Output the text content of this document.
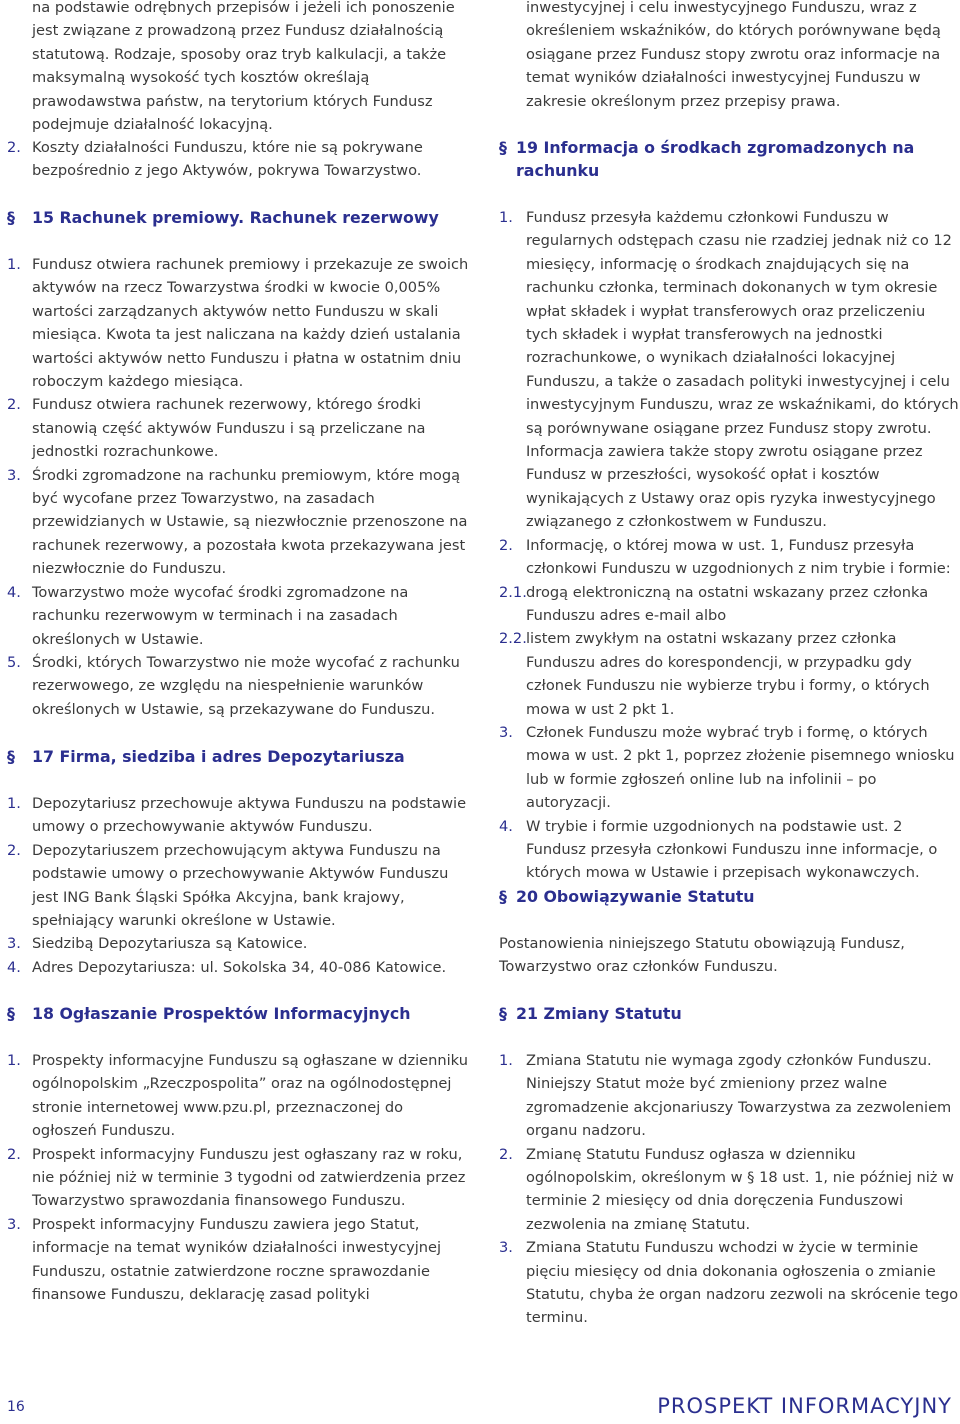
na podstawie odrębnych przepisów i jeżeli ich ponoszenie jest związane z prowadzoną przez Fundusz działalnością statutową. Rodzaje, sposoby oraz tryb kalkulacji, a także maksymalną wysokość tych kosztów określają prawodawstwa państw, na terytorium których Fundusz podejmuje działalność lokacyjną.

2. Koszty działalności Funduszu, które nie są pokrywane bezpośrednio z jego Aktywów, pokrywa Towarzystwo.

§ 15 Rachunek premiowy. Rachunek rezerwowy

1. Fundusz otwiera rachunek premiowy i przekazuje ze swoich aktywów na rzecz Towarzystwa środki w kwocie 0,005% wartości zarządzanych aktywów netto Funduszu w skali miesiąca. Kwota ta jest naliczana na każdy dzień ustalania wartości aktywów netto Funduszu i płatna w ostatnim dniu roboczym każdego miesiąca.

2. Fundusz otwiera rachunek rezerwowy, którego środki stanowią część aktywów Funduszu i są przeliczane na jednostki rozrachunkowe.

3. Środki zgromadzone na rachunku premiowym, które mogą być wycofane przez Towarzystwo, na zasadach przewidzianych w Ustawie, są niezwłocznie przenoszone na rachunek rezerwowy, a pozostała kwota przekazywana jest niezwłocznie do Funduszu.

4. Towarzystwo może wycofać środki zgromadzone na rachunku rezerwowym w terminach i na zasadach określonych w Ustawie.

5. Środki, których Towarzystwo nie może wycofać z rachunku rezerwowego, ze względu na niespełnienie warunków określonych w Ustawie, są przekazywane do Funduszu.

§ 17 Firma, siedziba i adres Depozytariusza

1. Depozytariusz przechowuje aktywa Funduszu na podstawie umowy o przechowywanie aktywów Funduszu.

2. Depozytariuszem przechowującym aktywa Funduszu na podstawie umowy o przechowywanie Aktywów Funduszu jest ING Bank Śląski Spółka Akcyjna, bank krajowy, spełniający warunki określone w Ustawie.

3. Siedzibą Depozytariusza są Katowice.

4. Adres Depozytariusza: ul. Sokolska 34, 40-086 Katowice.

§ 18 Ogłaszanie Prospektów Informacyjnych

1. Prospekty informacyjne Funduszu są ogłaszane w dzienniku ogólnopolskim „Rzeczpospolita” oraz na ogólnodostępnej stronie internetowej www.pzu.pl, przeznaczonej do ogłoszeń Funduszu.

2. Prospekt informacyjny Funduszu jest ogłaszany raz w roku, nie później niż w terminie 3 tygodni od zatwierdzenia przez Towarzystwo sprawozdania finansowego Funduszu.

3. Prospekt informacyjny Funduszu zawiera jego Statut, informacje na temat wyników działalności inwestycyjnej Funduszu, ostatnie zatwierdzone roczne sprawozdanie finansowe Funduszu, deklarację zasad polityki

inwestycyjnej i celu inwestycyjnego Funduszu, wraz z określeniem wskaźników, do których porównywane będą osiągane przez Fundusz stopy zwrotu oraz informacje na temat wyników działalności inwestycyjnej Funduszu w zakresie określonym przez przepisy prawa.

§ 19 Informacja o środkach zgromadzonych na rachunku

1. Fundusz przesyła każdemu członkowi Funduszu w regularnych odstępach czasu nie rzadziej jednak niż co 12 miesięcy, informację o środkach znajdujących się na rachunku członka, terminach dokonanych w tym okresie wpłat składek i wypłat transferowych oraz przeliczeniu tych składek i wypłat transferowych na jednostki rozrachunkowe, o wynikach działalności lokacyjnej Funduszu, a także o zasadach polityki inwestycyjnej i celu inwestycyjnym Funduszu, wraz ze wskaźnikami, do których są porównywane osiągane przez Fundusz stopy zwrotu. Informacja zawiera także stopy zwrotu osiągane przez Fundusz w przeszłości, wysokość opłat i kosztów wynikających z Ustawy oraz opis ryzyka inwestycyjnego związanego z członkostwem w Funduszu.

2. Informację, o której mowa w ust. 1, Fundusz przesyła członkowi Funduszu w uzgodnionych z nim trybie i formie:

2.1. drogą elektroniczną na ostatni wskazany przez członka Funduszu adres e-mail albo

2.2. listem zwykłym na ostatni wskazany przez członka Funduszu adres do korespondencji, w przypadku gdy członek Funduszu nie wybierze trybu i formy, o których mowa w ust 2 pkt 1.

3. Członek Funduszu może wybrać tryb i formę, o których mowa w ust. 2 pkt 1, poprzez złożenie pisemnego wniosku lub w formie zgłoszeń online lub na infolinii – po autoryzacji.

4. W trybie i formie uzgodnionych na podstawie ust. 2 Fundusz przesyła członkowi Funduszu inne informacje, o których mowa w Ustawie i przepisach wykonawczych.

§ 20 Obowiązywanie Statutu

Postanowienia niniejszego Statutu obowiązują Fundusz, Towarzystwo oraz członków Funduszu.

§ 21 Zmiany Statutu

1. Zmiana Statutu nie wymaga zgody członków Funduszu. Niniejszy Statut może być zmieniony przez walne zgromadzenie akcjonariuszy Towarzystwa za zezwoleniem organu nadzoru.

2. Zmianę Statutu Fundusz ogłasza w dzienniku ogólnopolskim, określonym w § 18 ust. 1, nie później niż w terminie 2 miesięcy od dnia doręczenia Funduszowi zezwolenia na zmianę Statutu.

3. Zmiana Statutu Funduszu wchodzi w życie w terminie pięciu miesięcy od dnia dokonania ogłoszenia o zmianie Statutu, chyba że organ nadzoru zezwoli na skrócenie tego terminu.

16	PROSPEKT INFORMACYJNY
